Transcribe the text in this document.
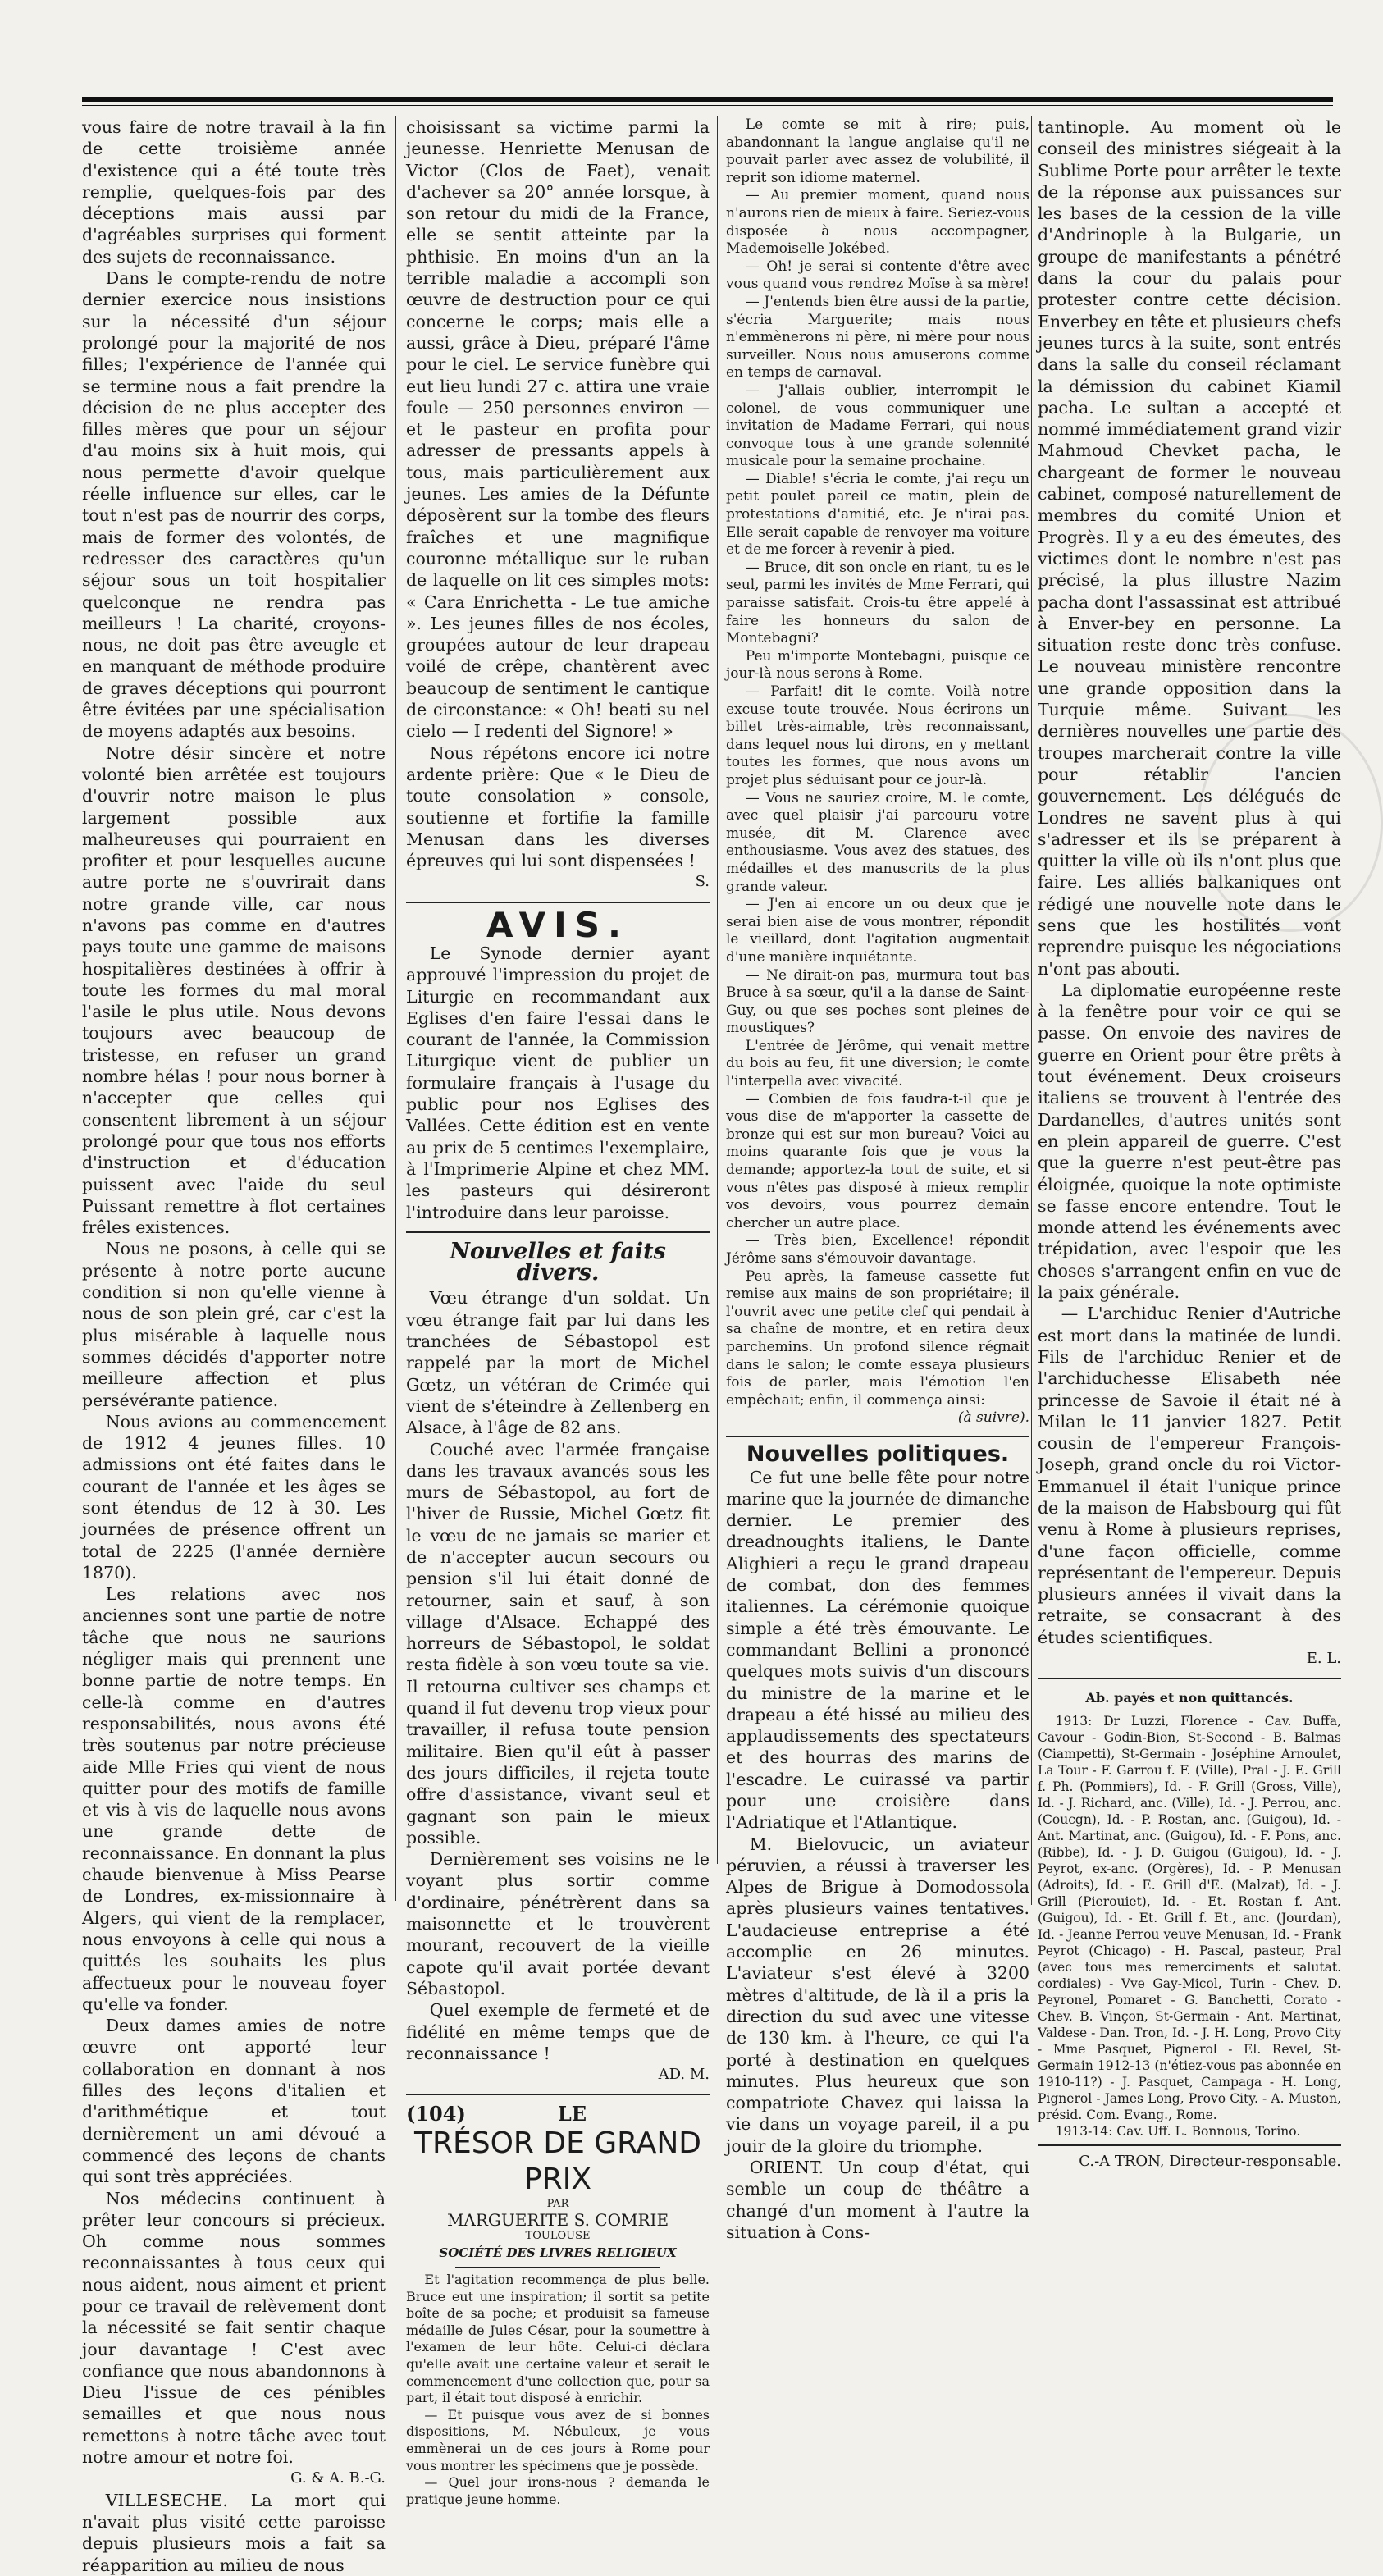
vous faire de notre travail à la fin de cette troisième année d'existence qui a été toute très remplie, quelques-fois par des déceptions mais aussi par d'agréables surprises qui forment des sujets de reconnaissance.

Dans le compte-rendu de notre dernier exercice nous insistions sur la nécessité d'un séjour prolongé pour la majorité de nos filles; l'expérience de l'année qui se termine nous a fait prendre la décision de ne plus accepter des filles mères que pour un séjour d'au moins six à huit mois, qui nous permette d'avoir quelque réelle influence sur elles, car le tout n'est pas de nourrir des corps, mais de former des volontés, de redresser des caractères qu'un séjour sous un toit hospitalier quelconque ne rendra pas meilleurs ! La charité, croyons-nous, ne doit pas être aveugle et en manquant de méthode produire de graves déceptions qui pourront être évitées par une spécialisation de moyens adaptés aux besoins.

Notre désir sincère et notre volonté bien arrêtée est toujours d'ouvrir notre maison le plus largement possible aux malheureuses qui pourraient en profiter et pour lesquelles aucune autre porte ne s'ouvrirait dans notre grande ville, car nous n'avons pas comme en d'autres pays toute une gamme de maisons hospitalières destinées à offrir à toute les formes du mal moral l'asile le plus utile. Nous devons toujours avec beaucoup de tristesse, en refuser un grand nombre hélas ! pour nous borner à n'accepter que celles qui consentent librement à un séjour prolongé pour que tous nos efforts d'instruction et d'éducation puissent avec l'aide du seul Puissant remettre à flot certaines frêles existences.

Nous ne posons, à celle qui se présente à notre porte aucune condition si non qu'elle vienne à nous de son plein gré, car c'est la plus misérable à laquelle nous sommes décidés d'apporter notre meilleure affection et plus persévérante patience.

Nous avions au commencement de 1912 4 jeunes filles. 10 admissions ont été faites dans le courant de l'année et les âges se sont étendus de 12 à 30. Les journées de présence offrent un total de 2225 (l'année dernière 1870).

Les relations avec nos anciennes sont une partie de notre tâche que nous ne saurions négliger mais qui prennent une bonne partie de notre temps. En celle-là comme en d'autres responsabilités, nous avons été très soutenus par notre précieuse aide Mlle Fries qui vient de nous quitter pour des motifs de famille et vis à vis de laquelle nous avons une grande dette de reconnaissance. En donnant la plus chaude bienvenue à Miss Pearse de Londres, ex-missionnaire à Algers, qui vient de la remplacer, nous envoyons à celle qui nous a quittés les souhaits les plus affectueux pour le nouveau foyer qu'elle va fonder.

Deux dames amies de notre œuvre ont apporté leur collaboration en donnant à nos filles des leçons d'italien et d'arithmétique et tout dernièrement un ami dévoué a commencé des leçons de chants qui sont très appréciées.

Nos médecins continuent à prêter leur concours si précieux. Oh comme nous sommes reconnaissantes à tous ceux qui nous aident, nous aiment et prient pour ce travail de relèvement dont la nécessité se fait sentir chaque jour davantage ! C'est avec confiance que nous abandonnons à Dieu l'issue de ces pénibles semailles et que nous nous remettons à notre tâche avec tout notre amour et notre foi.

G. & A. B.-G.

VILLESECHE. La mort qui n'avait plus visité cette paroisse depuis plusieurs mois a fait sa réapparition au milieu de nous

choisissant sa victime parmi la jeunesse. Henriette Menusan de Victor (Clos de Faet), venait d'achever sa 20° année lorsque, à son retour du midi de la France, elle se sentit atteinte par la phthisie. En moins d'un an la terrible maladie a accompli son œuvre de destruction pour ce qui concerne le corps; mais elle a aussi, grâce à Dieu, préparé l'âme pour le ciel. Le service funèbre qui eut lieu lundi 27 c. attira une vraie foule — 250 personnes environ — et le pasteur en profita pour adresser de pressants appels à tous, mais particulièrement aux jeunes. Les amies de la Défunte déposèrent sur la tombe des fleurs fraîches et une magnifique couronne métallique sur le ruban de laquelle on lit ces simples mots: « Cara Enrichetta - Le tue amiche ». Les jeunes filles de nos écoles, groupées autour de leur drapeau voilé de crêpe, chantèrent avec beaucoup de sentiment le cantique de circonstance: « Oh! beati su nel cielo — I redenti del Signore! »

Nous répétons encore ici notre ardente prière: Que « le Dieu de toute consolation » console, soutienne et fortifie la famille Menusan dans les diverses épreuves qui lui sont dispensées !

S.
AVIS.

Le Synode dernier ayant approuvé l'impression du projet de Liturgie en recommandant aux Eglises d'en faire l'essai dans le courant de l'année, la Commission Liturgique vient de publier un formulaire français à l'usage du public pour nos Eglises des Vallées. Cette édition est en vente au prix de 5 centimes l'exemplaire, à l'Imprimerie Alpine et chez MM. les pasteurs qui désireront l'introduire dans leur paroisse.

Nouvelles et faits divers.

Vœu étrange d'un soldat. Un vœu étrange fait par lui dans les tranchées de Sébastopol est rappelé par la mort de Michel Gœtz, un vétéran de Crimée qui vient de s'éteindre à Zellenberg en Alsace, à l'âge de 82 ans.

Couché avec l'armée française dans les travaux avancés sous les murs de Sébastopol, au fort de l'hiver de Russie, Michel Gœtz fit le vœu de ne jamais se marier et de n'accepter aucun secours ou pension s'il lui était donné de retourner, sain et sauf, à son village d'Alsace. Echappé des horreurs de Sébastopol, le soldat resta fidèle à son vœu toute sa vie. Il retourna cultiver ses champs et quand il fut devenu trop vieux pour travailler, il refusa toute pension militaire. Bien qu'il eût à passer des jours difficiles, il rejeta toute offre d'assistance, vivant seul et gagnant son pain le mieux possible.

Dernièrement ses voisins ne le voyant plus sortir comme d'ordinaire, pénétrèrent dans sa maisonnette et le trouvèrent mourant, recouvert de la vieille capote qu'il avait portée devant Sébastopol.

Quel exemple de fermeté et de fidélité en même temps que de reconnaissance !

AD. M.
(104)	LE
TRÉSOR DE GRAND PRIX
PAR
MARGUERITE S. COMRIE
TOULOUSE
SOCIÉTÉ DES LIVRES RELIGIEUX

Et l'agitation recommença de plus belle. Bruce eut une inspiration; il sortit sa petite boîte de sa poche; et produisit sa fameuse médaille de Jules César, pour la soumettre à l'examen de leur hôte. Celui-ci déclara qu'elle avait une certaine valeur et serait le commencement d'une collection que, pour sa part, il était tout disposé à enrichir.

— Et puisque vous avez de si bonnes dispositions, M. Nébuleux, je vous emmènerai un de ces jours à Rome pour vous montrer les spécimens que je possède.

— Quel jour irons-nous ? demanda le pratique jeune homme.

Le comte se mit à rire; puis, abandonnant la langue anglaise qu'il ne pouvait parler avec assez de volubilité, il reprit son idiome maternel.

— Au premier moment, quand nous n'aurons rien de mieux à faire. Seriez-vous disposée à nous accompagner, Mademoiselle Jokébed.

— Oh! je serai si contente d'être avec vous quand vous rendrez Moïse à sa mère!

— J'entends bien être aussi de la partie, s'écria Marguerite; mais nous n'emmènerons ni père, ni mère pour nous surveiller. Nous nous amuserons comme en temps de carnaval.

— J'allais oublier, interrompit le colonel, de vous communiquer une invitation de Madame Ferrari, qui nous convoque tous à une grande solennité musicale pour la semaine prochaine.

— Diable! s'écria le comte, j'ai reçu un petit poulet pareil ce matin, plein de protestations d'amitié, etc. Je n'irai pas. Elle serait capable de renvoyer ma voiture et de me forcer à revenir à pied.

— Bruce, dit son oncle en riant, tu es le seul, parmi les invités de Mme Ferrari, qui paraisse satisfait. Crois-tu être appelé à faire les honneurs du salon de Montebagni?

Peu m'importe Montebagni, puisque ce jour-là nous serons à Rome.

— Parfait! dit le comte. Voilà notre excuse toute trouvée. Nous écrirons un billet très-aimable, très reconnaissant, dans lequel nous lui dirons, en y mettant toutes les formes, que nous avons un projet plus séduisant pour ce jour-là.

— Vous ne sauriez croire, M. le comte, avec quel plaisir j'ai parcouru votre musée, dit M. Clarence avec enthousiasme. Vous avez des statues, des médailles et des manuscrits de la plus grande valeur.

— J'en ai encore un ou deux que je serai bien aise de vous montrer, répondit le vieillard, dont l'agitation augmentait d'une manière inquiétante.

— Ne dirait-on pas, murmura tout bas Bruce à sa sœur, qu'il a la danse de Saint-Guy, ou que ses poches sont pleines de moustiques?

L'entrée de Jérôme, qui venait mettre du bois au feu, fit une diversion; le comte l'interpella avec vivacité.

— Combien de fois faudra-t-il que je vous dise de m'apporter la cassette de bronze qui est sur mon bureau? Voici au moins quarante fois que je vous la demande; apportez-la tout de suite, et si vous n'êtes pas disposé à mieux remplir vos devoirs, vous pourrez demain chercher un autre place.

— Très bien, Excellence! répondit Jérôme sans s'émouvoir davantage.

Peu après, la fameuse cassette fut remise aux mains de son propriétaire; il l'ouvrit avec une petite clef qui pendait à sa chaîne de montre, et en retira deux parchemins. Un profond silence régnait dans le salon; le comte essaya plusieurs fois de parler, mais l'émotion l'en empêchait; enfin, il commença ainsi:

(à suivre).
Nouvelles politiques.

Ce fut une belle fête pour notre marine que la journée de dimanche dernier. Le premier des dreadnoughts italiens, le Dante Alighieri a reçu le grand drapeau de combat, don des femmes italiennes. La cérémonie quoique simple a été très émouvante. Le commandant Bellini a prononcé quelques mots suivis d'un discours du ministre de la marine et le drapeau a été hissé au milieu des applaudissements des spectateurs et des hourras des marins de l'escadre. Le cuirassé va partir pour une croisière dans l'Adriatique et l'Atlantique.

M. Bielovucic, un aviateur péruvien, a réussi à traverser les Alpes de Brigue à Domodossola après plusieurs vaines tentatives. L'audacieuse entreprise a été accomplie en 26 minutes. L'aviateur s'est élevé à 3200 mètres d'altitude, de là il a pris la direction du sud avec une vitesse de 130 km. à l'heure, ce qui l'a porté à destination en quelques minutes. Plus heureux que son compatriote Chavez qui laissa la vie dans un voyage pareil, il a pu jouir de la gloire du triomphe.

ORIENT. Un coup d'état, qui semble un coup de théâtre a changé d'un moment à l'autre la situation à Cons-

tantinople. Au moment où le conseil des ministres siégeait à la Sublime Porte pour arrêter le texte de la réponse aux puissances sur les bases de la cession de la ville d'Andrinople à la Bulgarie, un groupe de manifestants a pénétré dans la cour du palais pour protester contre cette décision. Enverbey en tête et plusieurs chefs jeunes turcs à la suite, sont entrés dans la salle du conseil réclamant la démission du cabinet Kiamil pacha. Le sultan a accepté et nommé immédiatement grand vizir Mahmoud Chevket pacha, le chargeant de former le nouveau cabinet, composé naturellement de membres du comité Union et Progrès. Il y a eu des émeutes, des victimes dont le nombre n'est pas précisé, la plus illustre Nazim pacha dont l'assassinat est attribué à Enver-bey en personne. La situation reste donc très confuse. Le nouveau ministère rencontre une grande opposition dans la Turquie même. Suivant les dernières nouvelles une partie des troupes marcherait contre la ville pour rétablir l'ancien gouvernement. Les délégués de Londres ne savent plus à qui s'adresser et ils se préparent à quitter la ville où ils n'ont plus que faire. Les alliés balkaniques ont rédigé une nouvelle note dans le sens que les hostilités vont reprendre puisque les négociations n'ont pas abouti.

La diplomatie européenne reste à la fenêtre pour voir ce qui se passe. On envoie des navires de guerre en Orient pour être prêts à tout événement. Deux croiseurs italiens se trouvent à l'entrée des Dardanelles, d'autres unités sont en plein appareil de guerre. C'est que la guerre n'est peut-être pas éloignée, quoique la note optimiste se fasse encore entendre. Tout le monde attend les événements avec trépidation, avec l'espoir que les choses s'arrangent enfin en vue de la paix générale.

— L'archiduc Renier d'Autriche est mort dans la matinée de lundi. Fils de l'archiduc Renier et de l'archiduchesse Elisabeth née princesse de Savoie il était né à Milan le 11 janvier 1827. Petit cousin de l'empereur François-Joseph, grand oncle du roi Victor-Emmanuel il était l'unique prince de la maison de Habsbourg qui fût venu à Rome à plusieurs reprises, d'une façon officielle, comme représentant de l'empereur. Depuis plusieurs années il vivait dans la retraite, se consacrant à des études scientifiques.

E. L.
Ab. payés et non quittancés.

1913: Dr Luzzi, Florence - Cav. Buffa, Cavour - Godin-Bion, St-Second - B. Balmas (Ciampetti), St-Germain - Joséphine Arnoulet, La Tour - F. Garrou f. F. (Ville), Pral - J. E. Grill f. Ph. (Pommiers), Id. - F. Grill (Gross, Ville), Id. - J. Richard, anc. (Ville), Id. - J. Perrou, anc. (Coucgn), Id. - P. Rostan, anc. (Guigou), Id. - Ant. Martinat, anc. (Guigou), Id. - F. Pons, anc. (Ribbe), Id. - J. D. Guigou (Guigou), Id. - J. Peyrot, ex-anc. (Orgères), Id. - P. Menusan (Adroits), Id. - E. Grill d'E. (Malzat), Id. - J. Grill (Pierouiet), Id. - Et. Rostan f. Ant. (Guigou), Id. - Et. Grill f. Et., anc. (Jourdan), Id. - Jeanne Perrou veuve Menusan, Id. - Frank Peyrot (Chicago) - H. Pascal, pasteur, Pral (avec tous mes remerciments et salutat. cordiales) - Vve Gay-Micol, Turin - Chev. D. Peyronel, Pomaret - G. Banchetti, Corato - Chev. B. Vinçon, St-Germain - Ant. Martinat, Valdese - Dan. Tron, Id. - J. H. Long, Provo City - Mme Pasquet, Pignerol - El. Revel, St-Germain 1912-13 (n'étiez-vous pas abonnée en 1910-11?) - J. Pasquet, Campaga - H. Long, Pignerol - James Long, Provo City. - A. Muston, présid. Com. Evang., Rome.

1913-14: Cav. Uff. L. Bonnous, Torino.

C.-A TRON, Directeur-responsable.
